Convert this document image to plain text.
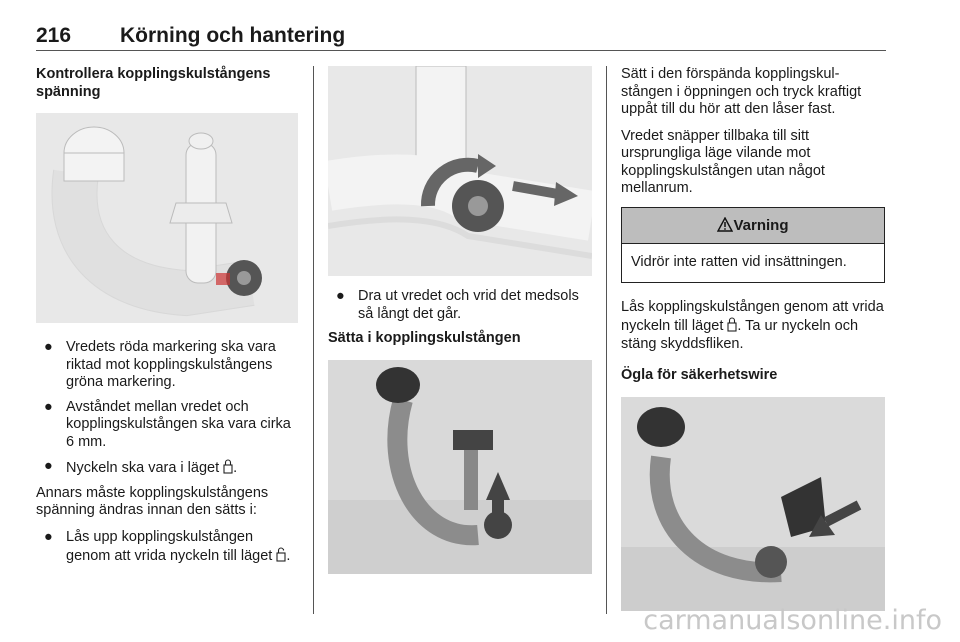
216 Körning och hantering
Kontrollera kopplingskulstångens spänning
● Vredets röda markering ska vara riktad mot kopplingskulstångens gröna markering.
● Avståndet mellan vredet och kopplingskulstången ska vara cirka 6 mm.
● Nyckeln ska vara i läget .

Annars måste kopplingskulstångens spänning ändras innan den sätts i:

● Lås upp kopplingskulstången genom att vrida nyckeln till läget .
● Dra ut vredet och vrid det medsols så långt det går.
Sätta i kopplingskulstången

Sätt i den förspända kopplingskulstången i öppningen och tryck kraftigt uppåt till du hör att den låser fast.

Vredet snäpper tillbaka till sitt ursprungliga läge vilande mot kopplingskulstången utan något mellanrum.

Varning
Vidrör inte ratten vid insättningen.

Lås kopplingskulstången genom att vrida nyckeln till läget . Ta ur nyckeln och stäng skyddsfliken.

Ögla för säkerhetswire
carmanualsonline.info
